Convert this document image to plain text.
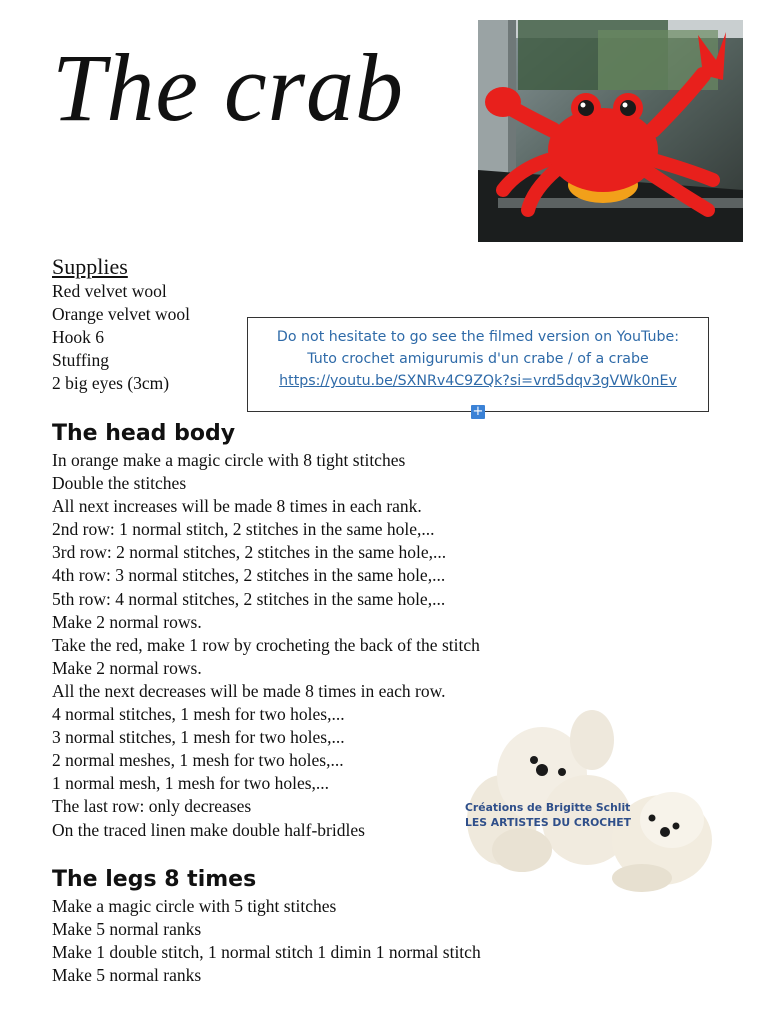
The crab
Supplies
Red velvet wool
Orange velvet wool
Hook 6
Stuffing
2 big eyes (3cm)
Do not hesitate to go see the filmed version on YouTube:
Tuto crochet amigurumis d'un crabe / of a crabe
https://youtu.be/SXNRv4C9ZQk?si=vrd5dqv3gVWk0nEv
+
The head body
In orange make a magic circle with 8 tight stitches
Double the stitches
All next increases will be made 8 times in each rank.
2nd row: 1 normal stitch, 2 stitches in the same hole,...
3rd row: 2 normal stitches, 2 stitches in the same hole,...
4th row: 3 normal stitches, 2 stitches in the same hole,...
5th row: 4 normal stitches, 2 stitches in the same hole,...
Make 2 normal rows.
Take the red, make 1 row by crocheting the back of the stitch
Make 2 normal rows.
All the next decreases will be made 8 times in each row.
4 normal stitches, 1 mesh for two holes,...
3 normal stitches, 1 mesh for two holes,...
2 normal meshes, 1 mesh for two holes,...
1 normal mesh, 1 mesh for two holes,...
The last row: only decreases
On the traced linen make double half-bridles
Créations de Brigitte Schlit
LES ARTISTES DU CROCHET
The legs 8 times
Make a magic circle with 5 tight stitches
Make 5 normal ranks
Make 1 double stitch, 1 normal stitch 1 dimin 1 normal stitch
Make 5 normal ranks
